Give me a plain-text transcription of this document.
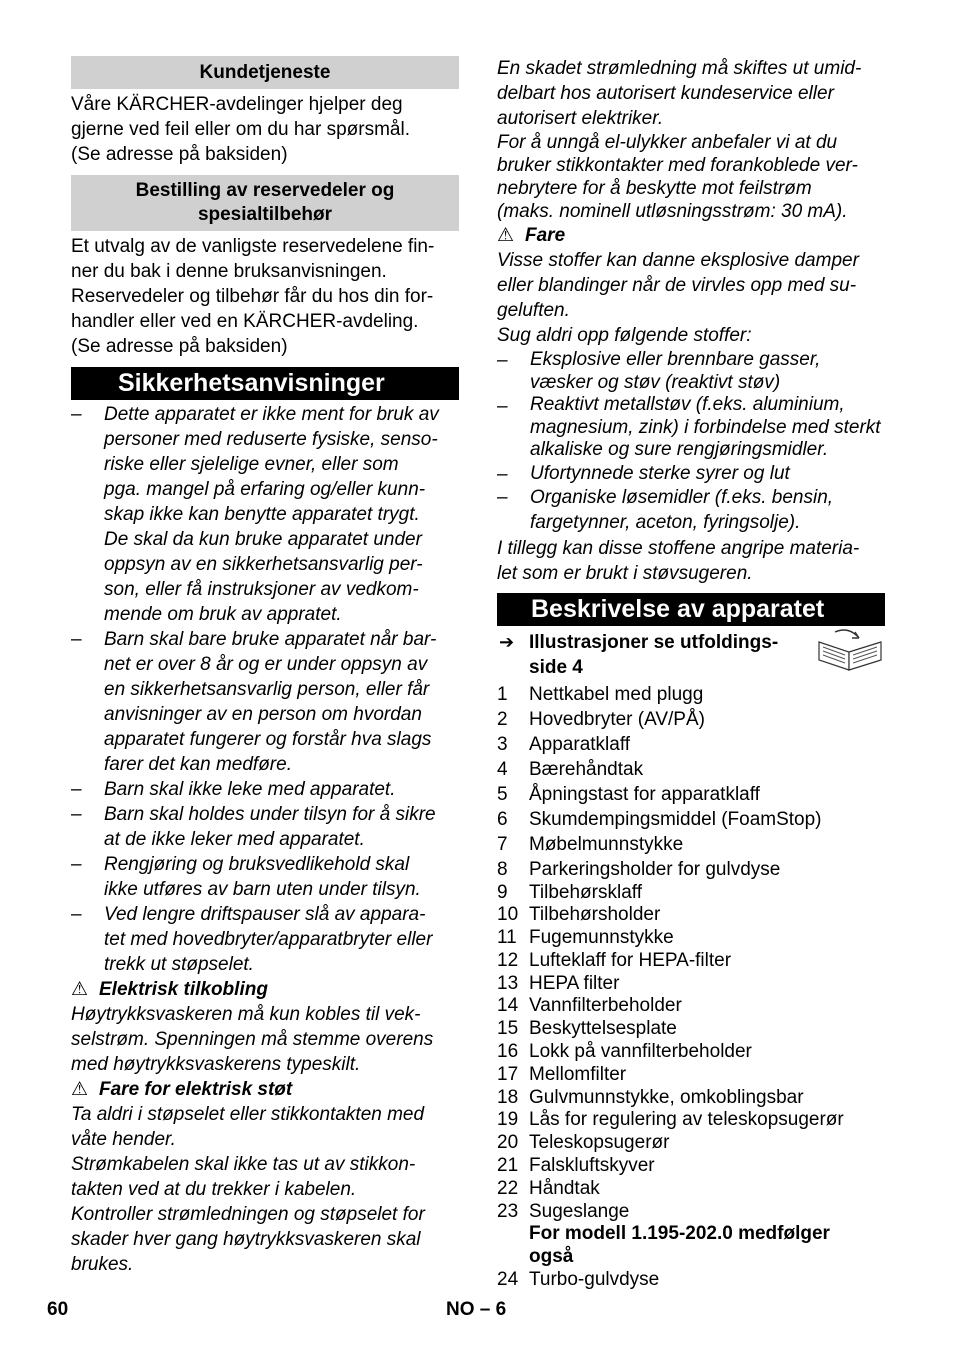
Kundetjeneste

Våre KÄRCHER-avdelinger hjelper deg

gjerne ved feil eller om du har spørsmål.

(Se adresse på baksiden)

Bestilling av reservedeler og
spesialtilbehør

Et utvalg av de vanligste reservedelene fin-

ner du bak i denne bruksanvisningen.

Reservedeler og tilbehør får du hos din for-

handler eller ved en KÄRCHER-avdeling.

(Se adresse på baksiden)

Sikkerhetsanvisninger
– Dette apparatet er ikke ment for bruk av
personer med reduserte fysiske, senso-
riske eller sjelelige evner, eller som
pga. mangel på erfaring og/eller kunn-
skap ikke kan benytte apparatet trygt.
De skal da kun bruke apparatet under
oppsyn av en sikkerhetsansvarlig per-
son, eller få instruksjoner av vedkom-
mende om bruk av appratet.
– Barn skal bare bruke apparatet når bar-
net er over 8 år og er under oppsyn av
en sikkerhetsansvarlig person, eller får
anvisninger av en person om hvordan
apparatet fungerer og forstår hva slags
farer det kan medføre.
– Barn skal ikke leke med apparatet.
– Barn skal holdes under tilsyn for å sikre
at de ikke leker med apparatet.
– Rengjøring og bruksvedlikehold skal
ikke utføres av barn uten under tilsyn.
– Ved lengre driftspauser slå av appara-
tet med hovedbryter/apparatbryter eller
trekk ut støpselet.
⚠ Elektrisk tilkobling

Høytrykksvaskeren må kun kobles til vek-

selstrøm. Spenningen må stemme overens

med høytrykksvaskerens typeskilt.

⚠ Fare for elektrisk støt

Ta aldri i støpselet eller stikkontakten med

våte hender.

Strømkabelen skal ikke tas ut av stikkon-

takten ved at du trekker i kabelen.

Kontroller strømledningen og støpselet for

skader hver gang høytrykksvaskeren skal

brukes.

En skadet strømledning må skiftes ut umid-

delbart hos autorisert kundeservice eller

autorisert elektriker.

For å unngå el-ulykker anbefaler vi at du

bruker stikkontakter med forankoblede ver-

nebrytere for å beskytte mot feilstrøm

(maks. nominell utløsningsstrøm: 30 mA).

⚠ Fare

Visse stoffer kan danne eksplosive damper

eller blandinger når de virvles opp med su-

geluften.

Sug aldri opp følgende stoffer:

– Eksplosive eller brennbare gasser,
væsker og støv (reaktivt støv)
– Reaktivt metallstøv (f.eks. aluminium,
magnesium, zink) i forbindelse med sterkt
alkaliske og sure rengjøringsmidler.
– Ufortynnede sterke syrer og lut
– Organiske løsemidler (f.eks. bensin,
fargetynner, aceton, fyringsolje).

I tillegg kan disse stoffene angripe materia-

let som er brukt i støvsugeren.

Beskrivelse av apparatet
➔ Illustrasjoner se utfoldings-
side 4
1 Nettkabel med plugg
2 Hovedbryter (AV/PÅ)
3 Apparatklaff
4 Bærehåndtak
5 Åpningstast for apparatklaff
6 Skumdempingsmiddel (FoamStop)
7 Møbelmunnstykke
8 Parkeringsholder for gulvdyse
9 Tilbehørsklaff
10 Tilbehørsholder
11 Fugemunnstykke
12 Lufteklaff for HEPA-filter
13 HEPA filter
14 Vannfilterbeholder
15 Beskyttelsesplate
16 Lokk på vannfilterbeholder
17 Mellomfilter
18 Gulvmunnstykke, omkoblingsbar
19 Lås for regulering av teleskopsugerør
20 Teleskopsugerør
21 Falskluftskyver
22 Håndtak
23 Sugeslange
For modell 1.195-202.0 medfølger
også
24 Turbo-gulvdyse
60	NO – 6
